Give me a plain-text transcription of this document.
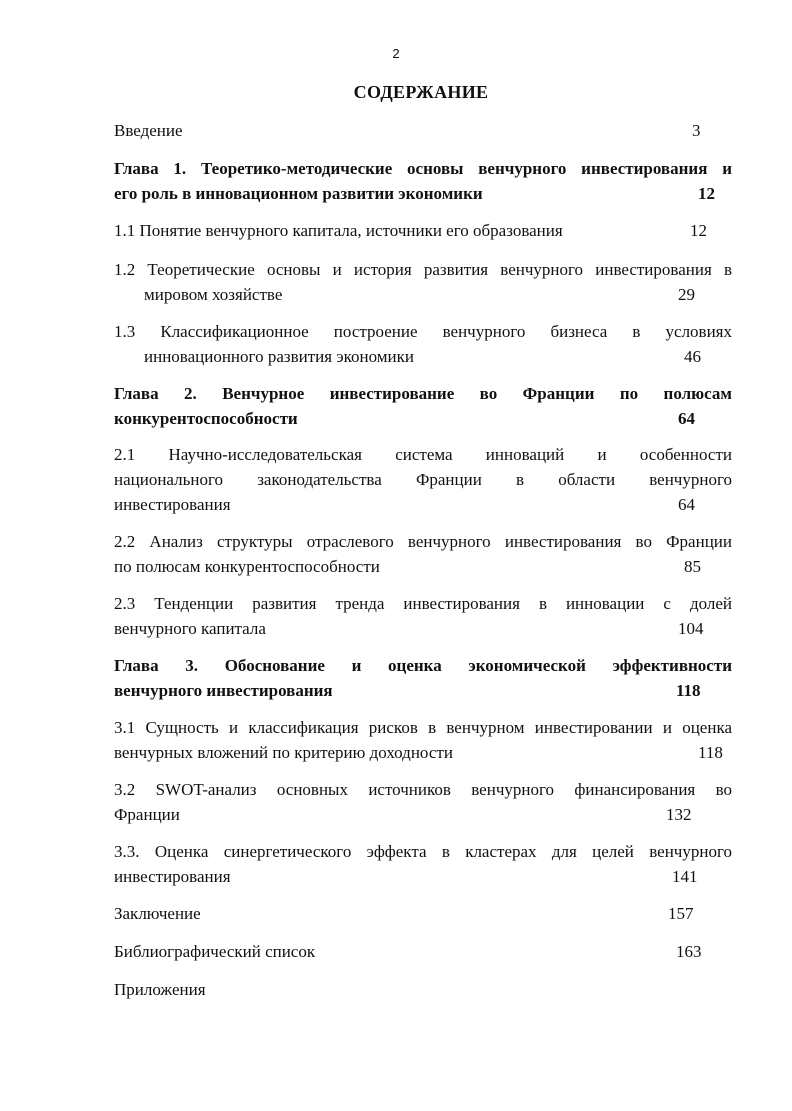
2
СОДЕРЖАНИЕ
Введение	3
Глава 1. Теоретико-методические основы венчурного инвестирования и
его роль в инновационном развитии экономики	12
1.1 Понятие венчурного капитала, источники его образования	12
1.2 Теоретические основы и история развития венчурного инвестирования в
мировом хозяйстве	29
1.3 Классификационное построение венчурного бизнеса в условиях
инновационного развития экономики	46
Глава 2. Венчурное инвестирование во Франции по полюсам
конкурентоспособности	64
2.1 Научно-исследовательская система инноваций и особенности
национального законодательства Франции в области венчурного
инвестирования	64
2.2 Анализ структуры отраслевого венчурного инвестирования во Франции
по полюсам конкурентоспособности	85
2.3 Тенденции развития тренда инвестирования в инновации с долей
венчурного капитала	104
Глава 3. Обоснование и оценка экономической эффективности
венчурного инвестирования	118
3.1 Сущность и классификация рисков в венчурном инвестировании и оценка
венчурных вложений по критерию доходности	118
3.2 SWOT-анализ основных источников венчурного финансирования во
Франции	132
3.3. Оценка синергетического эффекта в кластерах для целей венчурного
инвестирования	141
Заключение	157
Библиографический список	163
Приложения
